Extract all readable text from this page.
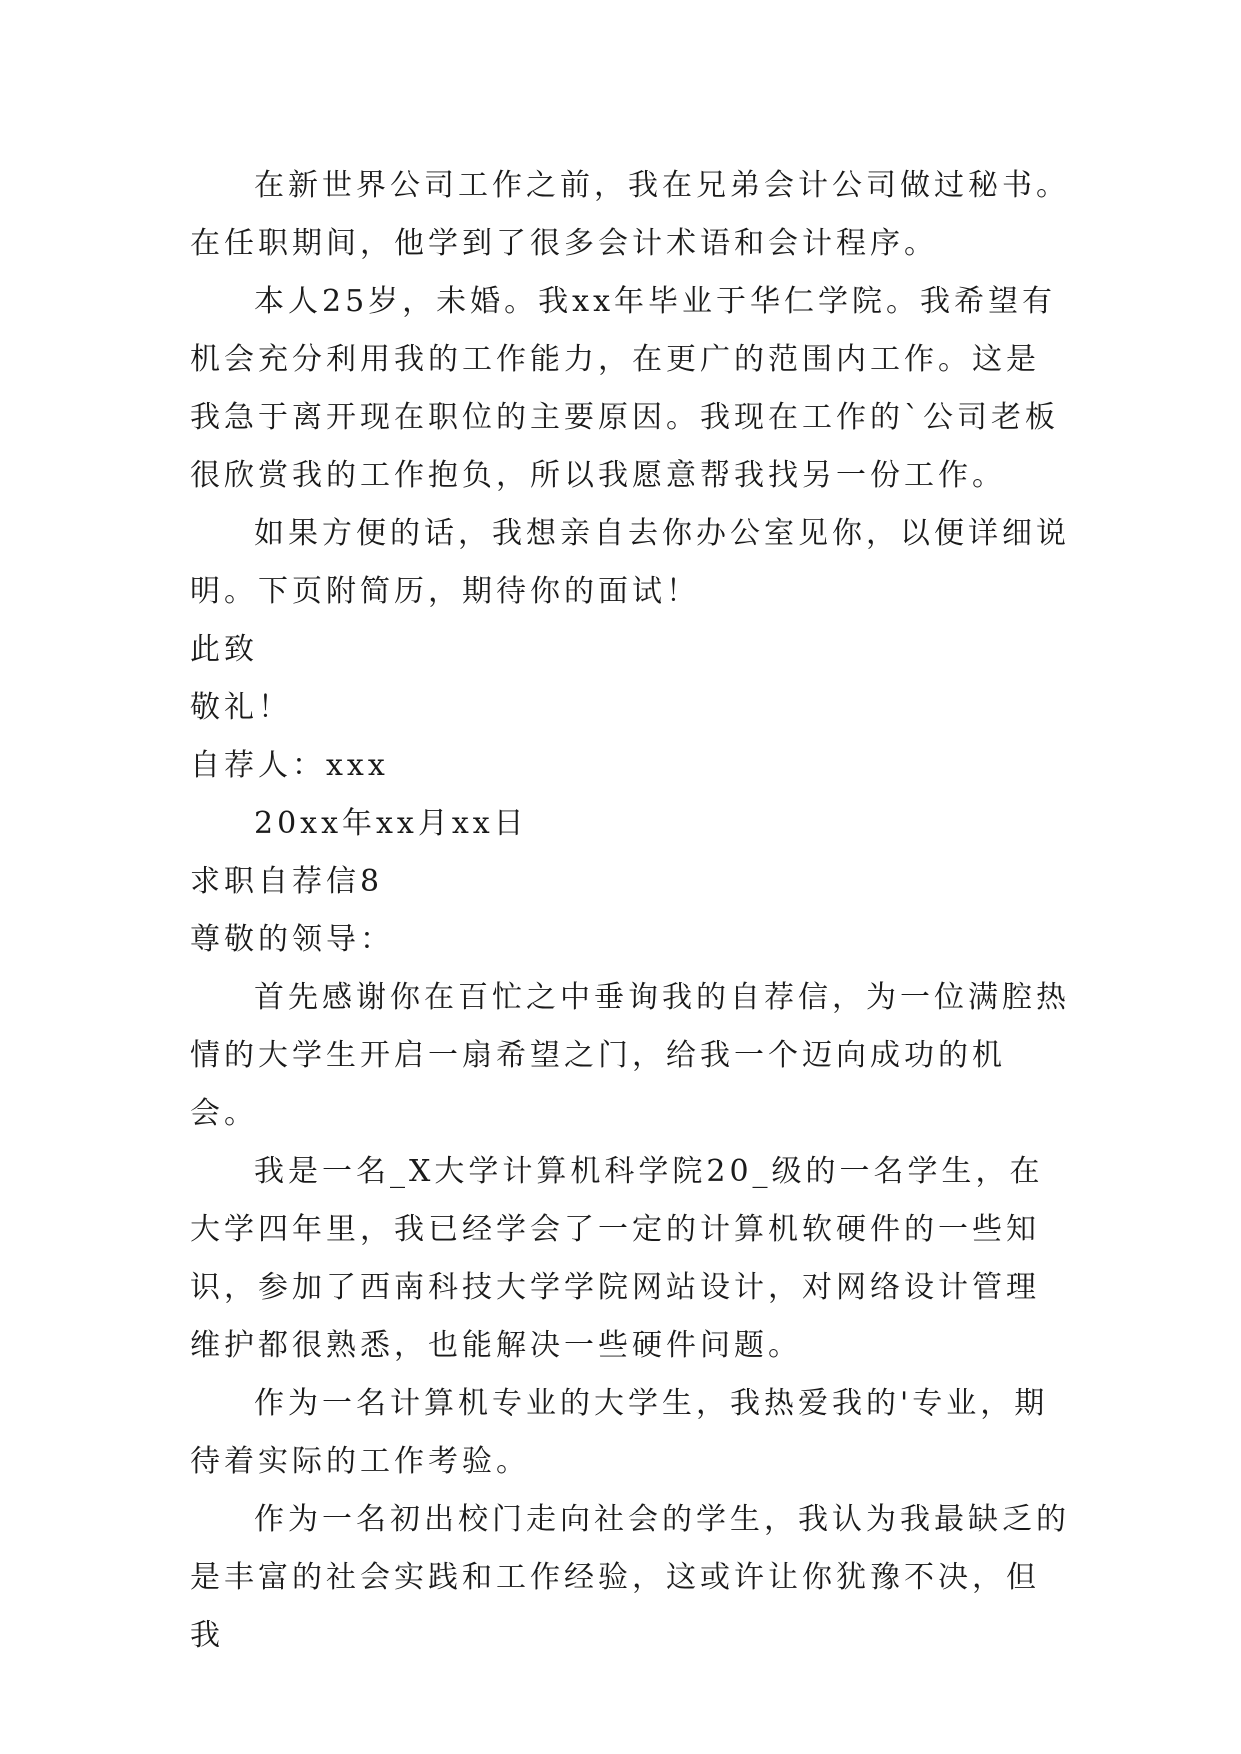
在新世界公司工作之前，我在兄弟会计公司做过秘书。在任职期间，他学到了很多会计术语和会计程序。

本人25岁，未婚。我xx年毕业于华仁学院。我希望有机会充分利用我的工作能力，在更广的范围内工作。这是我急于离开现在职位的主要原因。我现在工作的`公司老板很欣赏我的工作抱负，所以我愿意帮我找另一份工作。

如果方便的话，我想亲自去你办公室见你，以便详细说明。下页附简历，期待你的面试！

此致

敬礼！

自荐人：xxx

20xx年xx月xx日

求职自荐信8

尊敬的领导：

首先感谢你在百忙之中垂询我的自荐信，为一位满腔热情的大学生开启一扇希望之门，给我一个迈向成功的机会。

我是一名_X大学计算机科学院20_级的一名学生，在大学四年里，我已经学会了一定的计算机软硬件的一些知识，参加了西南科技大学学院网站设计，对网络设计管理维护都很熟悉，也能解决一些硬件问题。

作为一名计算机专业的大学生，我热爱我的'专业，期待着实际的工作考验。

作为一名初出校门走向社会的学生，我认为我最缺乏的是丰富的社会实践和工作经验，这或许让你犹豫不决，但我
